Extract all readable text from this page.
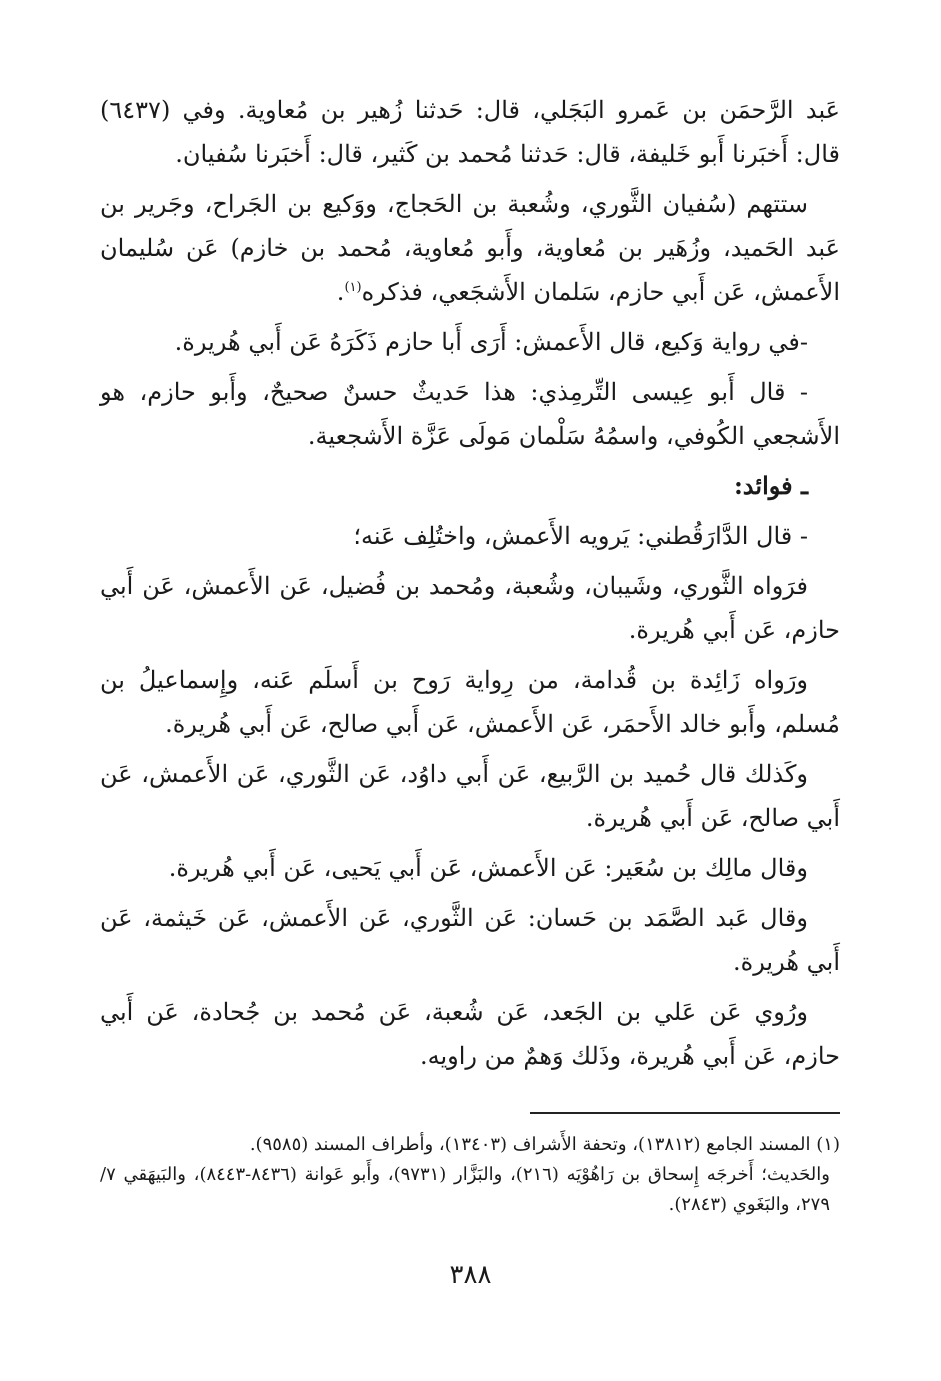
عَبد الرَّحمَن بن عَمرو البَجَلي، قال: حَدثنا زُهير بن مُعاوية. وفي (٦٤٣٧) قال: أَخبَرنا أَبو خَليفة، قال: حَدثنا مُحمد بن كَثير، قال: أَخبَرنا سُفيان.

ستتهم (سُفيان الثَّوري، وشُعبة بن الحَجاج، ووَكيع بن الجَراح، وجَرير بن عَبد الحَميد، وزُهَير بن مُعاوية، وأَبو مُعاوية، مُحمد بن خازم) عَن سُليمان الأَعمش، عَن أَبي حازم، سَلمان الأَشجَعي، فذكره$^{(١)}$.

-في رواية وَكيع، قال الأَعمش: أَرَى أَبا حازم ذَكَرَهُ عَن أَبي هُريرة.

- قال أَبو عِيسى التِّرمِذي: هذا حَديثٌ حسنٌ صحيحٌ، وأَبو حازم، هو الأَشجعي الكُوفي، واسمُهُ سَلْمان مَولَى عَزَّة الأَشجعية.

ـ فوائد:

- قال الدَّارَقُطني: يَرويه الأَعمش، واختُلِف عَنه؛

فرَواه الثَّوري، وشَيبان، وشُعبة، ومُحمد بن فُضيل، عَن الأَعمش، عَن أَبي حازم، عَن أَبي هُريرة.

ورَواه زَائِدة بن قُدامة، من رِواية رَوح بن أَسلَم عَنه، وإِسماعيلُ بن مُسلم، وأَبو خالد الأَحمَر، عَن الأَعمش، عَن أَبي صالح، عَن أَبي هُريرة.

وكَذلك قال حُميد بن الرَّبيع، عَن أَبي داوُد، عَن الثَّوري، عَن الأَعمش، عَن أَبي صالح، عَن أَبي هُريرة.

وقال مالِك بن سُعَير: عَن الأَعمش، عَن أَبي يَحيى، عَن أَبي هُريرة.

وقال عَبد الصَّمَد بن حَسان: عَن الثَّوري، عَن الأَعمش، عَن خَيثمة، عَن أَبي هُريرة.

ورُوي عَن عَلي بن الجَعد، عَن شُعبة، عَن مُحمد بن جُحادة، عَن أَبي حازم، عَن أَبي هُريرة، وذَلك وَهمٌ من راويه.

(١) المسند الجامع (١٣٨١٢)، وتحفة الأَشراف (١٣٤٠٣)، وأطراف المسند (٩٥٨٥).

والحَديث؛ أَخرجَه إِسحاق بن رَاهُوْيَه (٢١٦)، والبَزَّار (٩٧٣١)، وأَبو عَوانة (٨٤٣٦-٨٤٤٣)، والبَيهَقي ٧/ ٢٧٩، والبَغَوي (٢٨٤٣).

٣٨٨
